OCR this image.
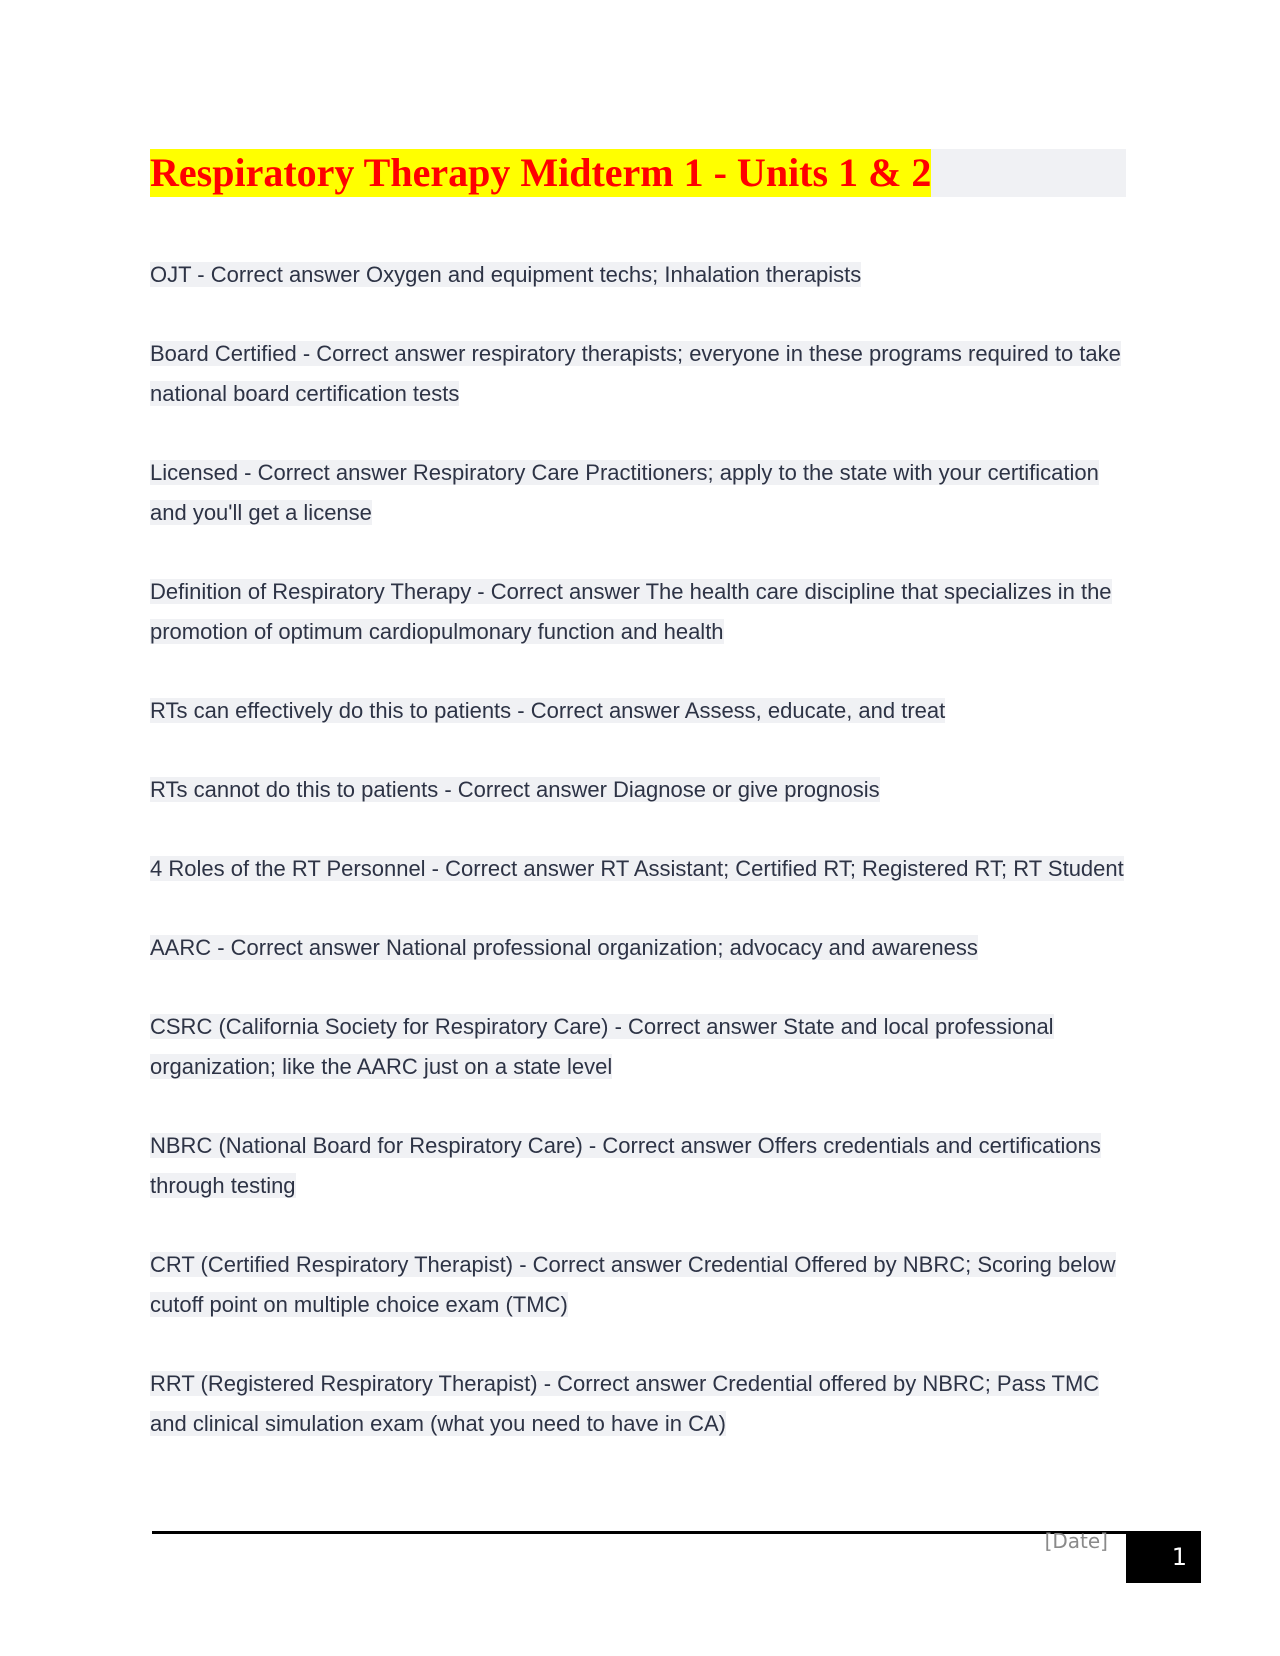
Respiratory Therapy Midterm 1 - Units 1 & 2
OJT - Correct answer Oxygen and equipment techs; Inhalation therapists
Board Certified - Correct answer respiratory therapists; everyone in these programs required to take national board certification tests
Licensed - Correct answer Respiratory Care Practitioners; apply to the state with your certification and you'll get a license
Definition of Respiratory Therapy - Correct answer The health care discipline that specializes in the promotion of optimum cardiopulmonary function and health
RTs can effectively do this to patients - Correct answer Assess, educate, and treat
RTs cannot do this to patients - Correct answer Diagnose or give prognosis
4 Roles of the RT Personnel - Correct answer RT Assistant; Certified RT; Registered RT; RT Student
AARC - Correct answer National professional organization; advocacy and awareness
CSRC (California Society for Respiratory Care) - Correct answer State and local professional organization; like the AARC just on a state level
NBRC (National Board for Respiratory Care) - Correct answer Offers credentials and certifications through testing
CRT (Certified Respiratory Therapist) - Correct answer Credential Offered by NBRC; Scoring below cutoff point on multiple choice exam (TMC)
RRT (Registered Respiratory Therapist) - Correct answer Credential offered by NBRC; Pass TMC and clinical simulation exam (what you need to have in CA)
[Date]
1
